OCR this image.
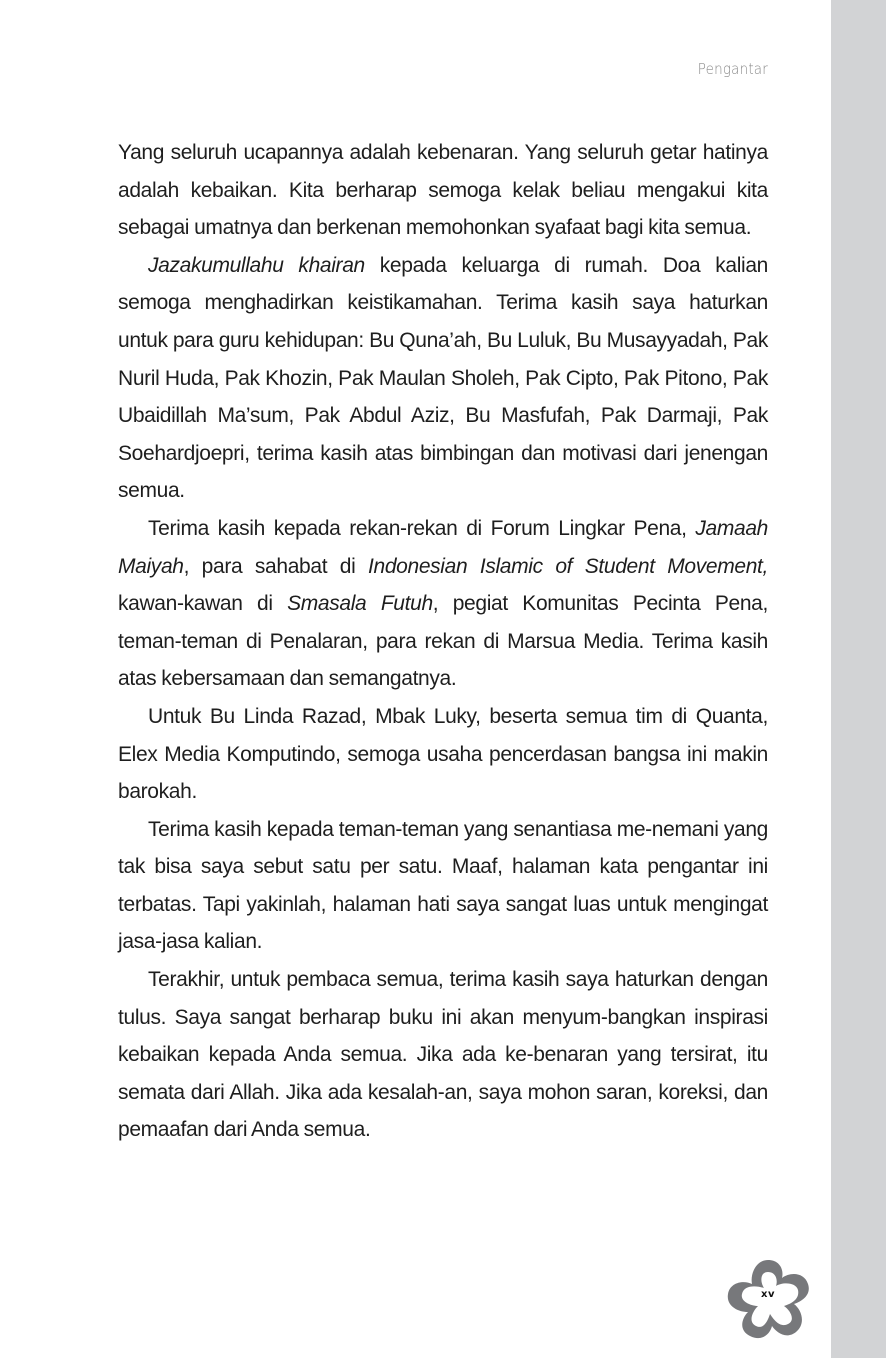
Pengantar

Yang seluruh ucapannya adalah kebenaran. Yang seluruh getar hatinya adalah kebaikan. Kita berharap semoga kelak beliau mengakui kita sebagai umatnya dan berkenan memohonkan syafaat bagi kita semua.

Jazakumullahu khairan kepada keluarga di rumah. Doa kalian semoga menghadirkan keistikamahan. Terima kasih saya haturkan untuk para guru kehidupan: Bu Quna’ah, Bu Luluk, Bu Musayyadah, Pak Nuril Huda, Pak Khozin, Pak Maulan Sholeh, Pak Cipto, Pak Pitono, Pak Ubaidillah Ma’sum, Pak Abdul Aziz, Bu Masfufah, Pak Darmaji, Pak Soehardjoepri, terima kasih atas bimbingan dan motivasi dari jenengan semua.

Terima kasih kepada rekan-rekan di Forum Lingkar Pena, Jamaah Maiyah, para sahabat di Indonesian Islamic of Student Movement, kawan-kawan di Smasala Futuh, pegiat Komunitas Pecinta Pena, teman-teman di Penalaran, para rekan di Marsua Media. Terima kasih atas kebersamaan dan semangatnya.

Untuk Bu Linda Razad, Mbak Luky, beserta semua tim di Quanta, Elex Media Komputindo, semoga usaha pencerdasan bangsa ini makin barokah.

Terima kasih kepada teman-teman yang senantiasa me-nemani yang tak bisa saya sebut satu per satu. Maaf, halaman kata pengantar ini terbatas. Tapi yakinlah, halaman hati saya sangat luas untuk mengingat jasa-jasa kalian.

Terakhir, untuk pembaca semua, terima kasih saya haturkan dengan tulus. Saya sangat berharap buku ini akan menyum-bangkan inspirasi kebaikan kepada Anda semua. Jika ada ke-benaran yang tersirat, itu semata dari Allah. Jika ada kesalah-an, saya mohon saran, koreksi, dan pemaafan dari Anda semua.

xv
